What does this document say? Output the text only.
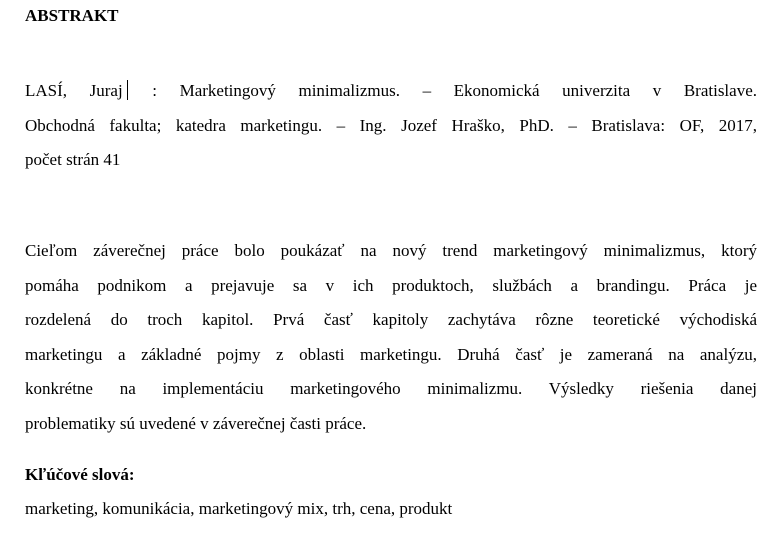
ABSTRAKT
LASÍ, Juraj : Marketingový minimalizmus. – Ekonomická univerzita v Bratislave.
Obchodná fakulta; katedra marketingu. – Ing. Jozef Hraško, PhD. – Bratislava: OF, 2017,
počet strán 41
Cieľom záverečnej práce bolo poukázať na nový trend marketingový minimalizmus, ktorý
pomáha podnikom a prejavuje sa v ich produktoch, službách a brandingu. Práca je
rozdelená do troch kapitol. Prvá časť kapitoly zachytáva rôzne teoretické východiská
marketingu a základné pojmy z oblasti marketingu. Druhá časť je zameraná na analýzu,
konkrétne na implementáciu marketingového minimalizmu. Výsledky riešenia danej
problematiky sú uvedené v záverečnej časti práce.
Kľúčové slová:
marketing, komunikácia, marketingový mix, trh, cena, produkt
